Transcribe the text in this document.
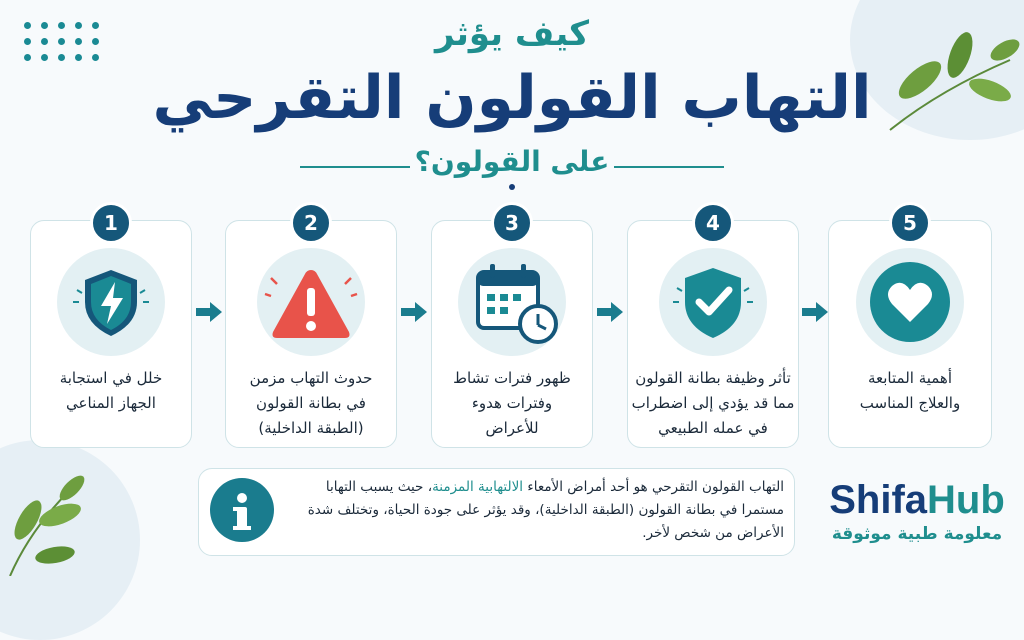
كيف يؤثر
التهاب القولون التقرحي
على القولون؟
1
خلل في استجابة
الجهاز المناعي
2
حدوث التهاب مزمن
في بطانة القولون
(الطبقة الداخلية)
3
ظهور فترات تشاط
وفترات هدوء
للأعراض
4
تأثر وظيفة بطانة القولون
مما قد يؤدي إلى اضطراب
في عمله الطبيعي
5
أهمية المتابعة
والعلاج المناسب
التهاب القولون التقرحي هو أحد أمراض الأمعاء الالتهابية المزمنة، حيث يسبب التهابا مستمرا في بطانة القولون (الطبقة الداخلية)، وقد يؤثر على جودة الحياة، وتختلف شدة الأعراض من شخص لأخر.
ShifaHub
معلومة طبية موثوقة
